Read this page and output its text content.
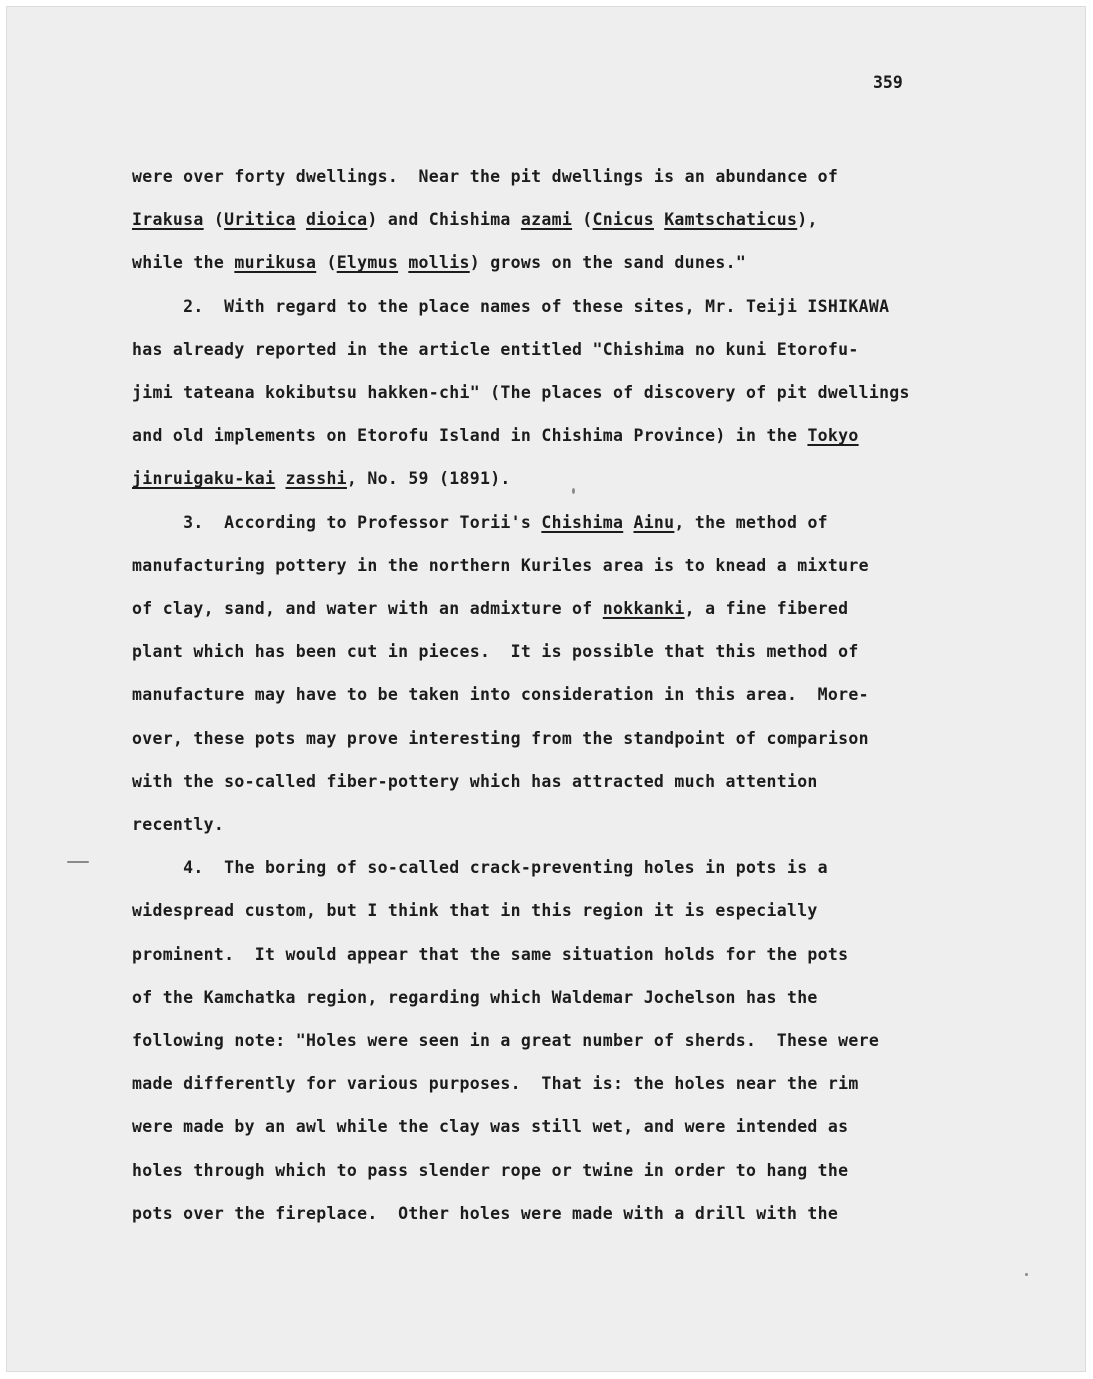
359
were over forty dwellings.  Near the pit dwellings is an abundance of
Irakusa (Uritica dioica) and Chishima azami (Cnicus Kamtschaticus),
while the murikusa (Elymus mollis) grows on the sand dunes."
2.  With regard to the place names of these sites, Mr. Teiji ISHIKAWA
has already reported in the article entitled "Chishima no kuni Etorofu-
jimi tateana kokibutsu hakken-chi" (The places of discovery of pit dwellings
and old implements on Etorofu Island in Chishima Province) in the Tokyo
jinruigaku-kai zasshi, No. 59 (1891).
3.  According to Professor Torii's Chishima Ainu, the method of
manufacturing pottery in the northern Kuriles area is to knead a mixture
of clay, sand, and water with an admixture of nokkanki, a fine fibered
plant which has been cut in pieces.  It is possible that this method of
manufacture may have to be taken into consideration in this area.  More-
over, these pots may prove interesting from the standpoint of comparison
with the so-called fiber-pottery which has attracted much attention
recently.
4.  The boring of so-called crack-preventing holes in pots is a
widespread custom, but I think that in this region it is especially
prominent.  It would appear that the same situation holds for the pots
of the Kamchatka region, regarding which Waldemar Jochelson has the
following note: "Holes were seen in a great number of sherds.  These were
made differently for various purposes.  That is: the holes near the rim
were made by an awl while the clay was still wet, and were intended as
holes through which to pass slender rope or twine in order to hang the
pots over the fireplace.  Other holes were made with a drill with the
